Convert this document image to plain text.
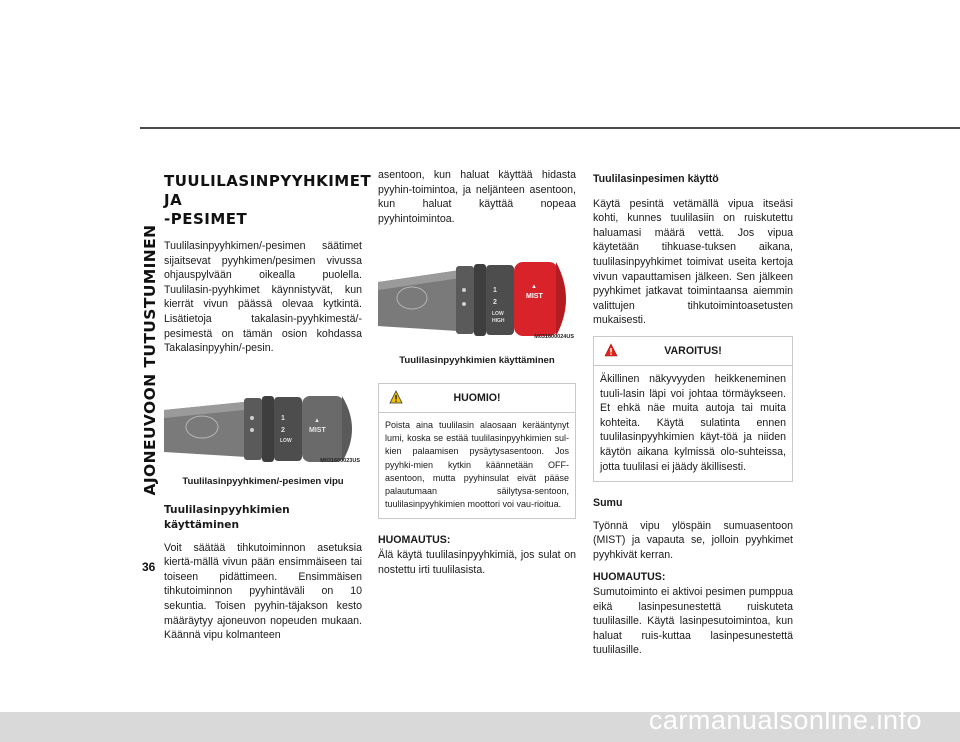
AJONEUVOON TUTUSTUMINEN
36
TUULILASINPYYHKIMET JA
-PESIMET

Tuulilasinpyyhkimen/-pesimen säätimet sijaitsevat pyyhkimen/pesimen vivussa ohjauspylvään oikealla puolella. Tuulilasin-pyyhkimet käynnistyvät, kun kierrät vivun päässä olevaa kytkintä. Lisätietoja takalasin-pyyhkimestä/-pesimestä on tämän osion kohdassa Takalasinpyyhin/-pesin.

▲
MIST
1
2
LOW
M031600023US

Tuulilasinpyyhkimen/-pesimen vipu

Tuulilasinpyyhkimien käyttäminen

Voit säätää tihkutoiminnon asetuksia kiertä-mällä vivun pään ensimmäiseen tai toiseen pidättimeen. Ensimmäisen tihkutoiminnon pyyhintäväli on 10 sekuntia. Toisen pyyhin-täjakson kesto määräytyy ajoneuvon nopeuden mukaan. Käännä vipu kolmanteen

asentoon, kun haluat käyttää hidasta pyyhin-toimintoa, ja neljänteen asentoon, kun haluat käyttää nopeaa pyyhintoimintoa.

▲
MIST
1
2
LOW
HIGH
M031600024US

Tuulilasinpyyhkimien käyttäminen

HUOMIO!
Poista aina tuulilasin alaosaan kerääntynyt lumi, koska se estää tuulilasinpyyhkimien sul-kien palaamisen pysäytysasentoon. Jos pyyhki-mien kytkin käännetään OFF-asentoon, mutta pyyhinsulat eivät pääse palautumaan säilytysa-sentoon, tuulilasinpyyhkimien moottori voi vau-rioitua.
HUOMAUTUS:

Älä käytä tuulilasinpyyhkimiä, jos sulat on nostettu irti tuulilasista.

Tuulilasinpesimen käyttö

Käytä pesintä vetämällä vipua itseäsi kohti, kunnes tuulilasiin on ruiskutettu haluamasi määrä vettä. Jos vipua käytetään tihkuase-tuksen aikana, tuulilasinpyyhkimet toimivat useita kertoja vivun vapauttamisen jälkeen. Sen jälkeen pyyhkimet jatkavat toimintaansa aiemmin valittujen tihkutoimintoasetusten mukaisesti.

VAROITUS!
Äkillinen näkyvyyden heikkeneminen tuuli-lasin läpi voi johtaa törmäykseen. Et ehkä näe muita autoja tai muita kohteita. Käytä sulatinta ennen tuulilasinpyyhkimien käyt-töä ja niiden käytön aikana kylmissä olo-suhteissa, jotta tuulilasi ei jäädy äkillisesti.
Sumu

Työnnä vipu ylöspäin sumuasentoon (MIST) ja vapauta se, jolloin pyyhkimet pyyhkivät kerran.

HUOMAUTUS:

Sumutoiminto ei aktivoi pesimen pumppua eikä lasinpesunestettä ruiskuteta tuulilasille. Käytä lasinpesutoimintoa, kun haluat ruis-kuttaa lasinpesunestettä tuulilasille.

carmanualsonline.info
